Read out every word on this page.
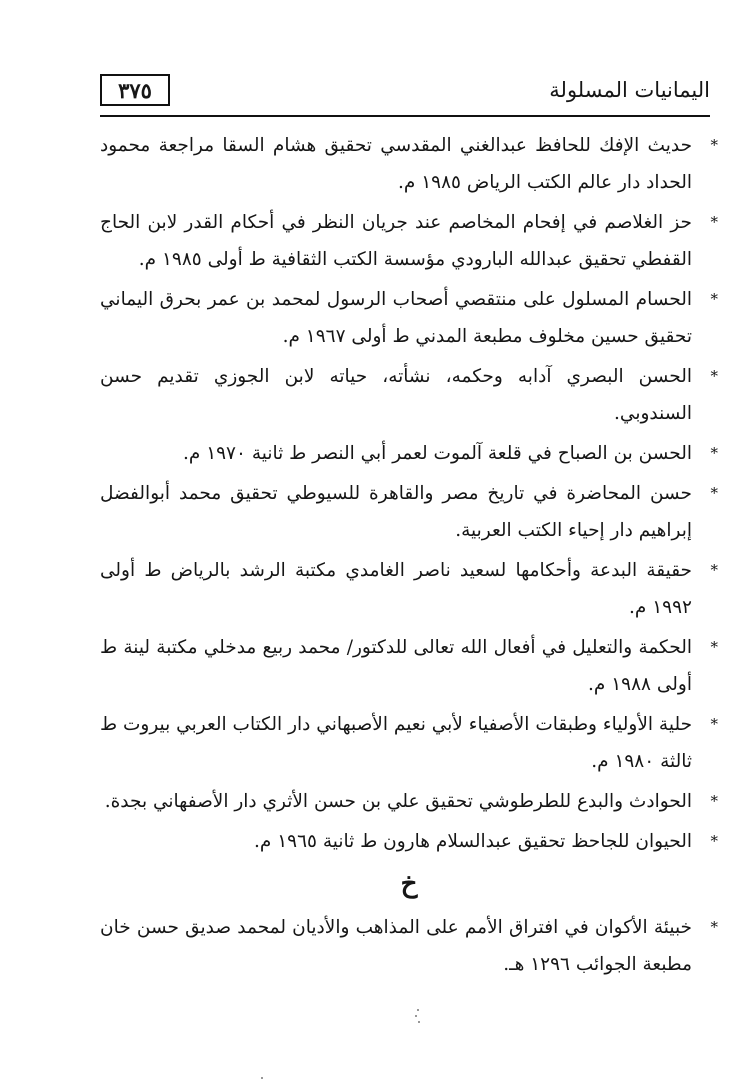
اليمانيات المسلولة
٣٧٥
*
حديث الإفك للحافظ عبدالغني المقدسي تحقيق هشام السقا مراجعة محمود الحداد دار عالم الكتب الرياض ١٩٨٥ م.
*
حز الغلاصم في إفحام المخاصم عند جريان النظر في أحكام القدر لابن الحاج القفطي تحقيق عبدالله البارودي مؤسسة الكتب الثقافية ط أولى ١٩٨٥ م.
*
الحسام المسلول على منتقصي أصحاب الرسول لمحمد بن عمر بحرق اليماني تحقيق حسين مخلوف مطبعة المدني ط أولى ١٩٦٧ م.
*
الحسن البصري آدابه وحكمه، نشأته، حياته لابن الجوزي تقديم حسن السندوبي.
*
الحسن بن الصباح في قلعة آلموت لعمر أبي النصر ط ثانية ١٩٧٠ م.
*
حسن المحاضرة في تاريخ مصر والقاهرة للسيوطي تحقيق محمد أبوالفضل إبراهيم دار إحياء الكتب العربية.
*
حقيقة البدعة وأحكامها لسعيد ناصر الغامدي مكتبة الرشد بالرياض ط أولى ١٩٩٢ م.
*
الحكمة والتعليل في أفعال الله تعالى للدكتور/ محمد ربيع مدخلي مكتبة لينة ط أولى ١٩٨٨ م.
*
حلية الأولياء وطبقات الأصفياء لأبي نعيم الأصبهاني دار الكتاب العربي بيروت ط ثالثة ١٩٨٠ م.
*
الحوادث والبدع للطرطوشي تحقيق علي بن حسن الأثري دار الأصفهاني بجدة.
*
الحيوان للجاحظ تحقيق عبدالسلام هارون ط ثانية ١٩٦٥ م.
خ
*
خبيئة الأكوان في افتراق الأمم على المذاهب والأديان لمحمد صديق حسن خان مطبعة الجوائب ١٢٩٦ هـ.
